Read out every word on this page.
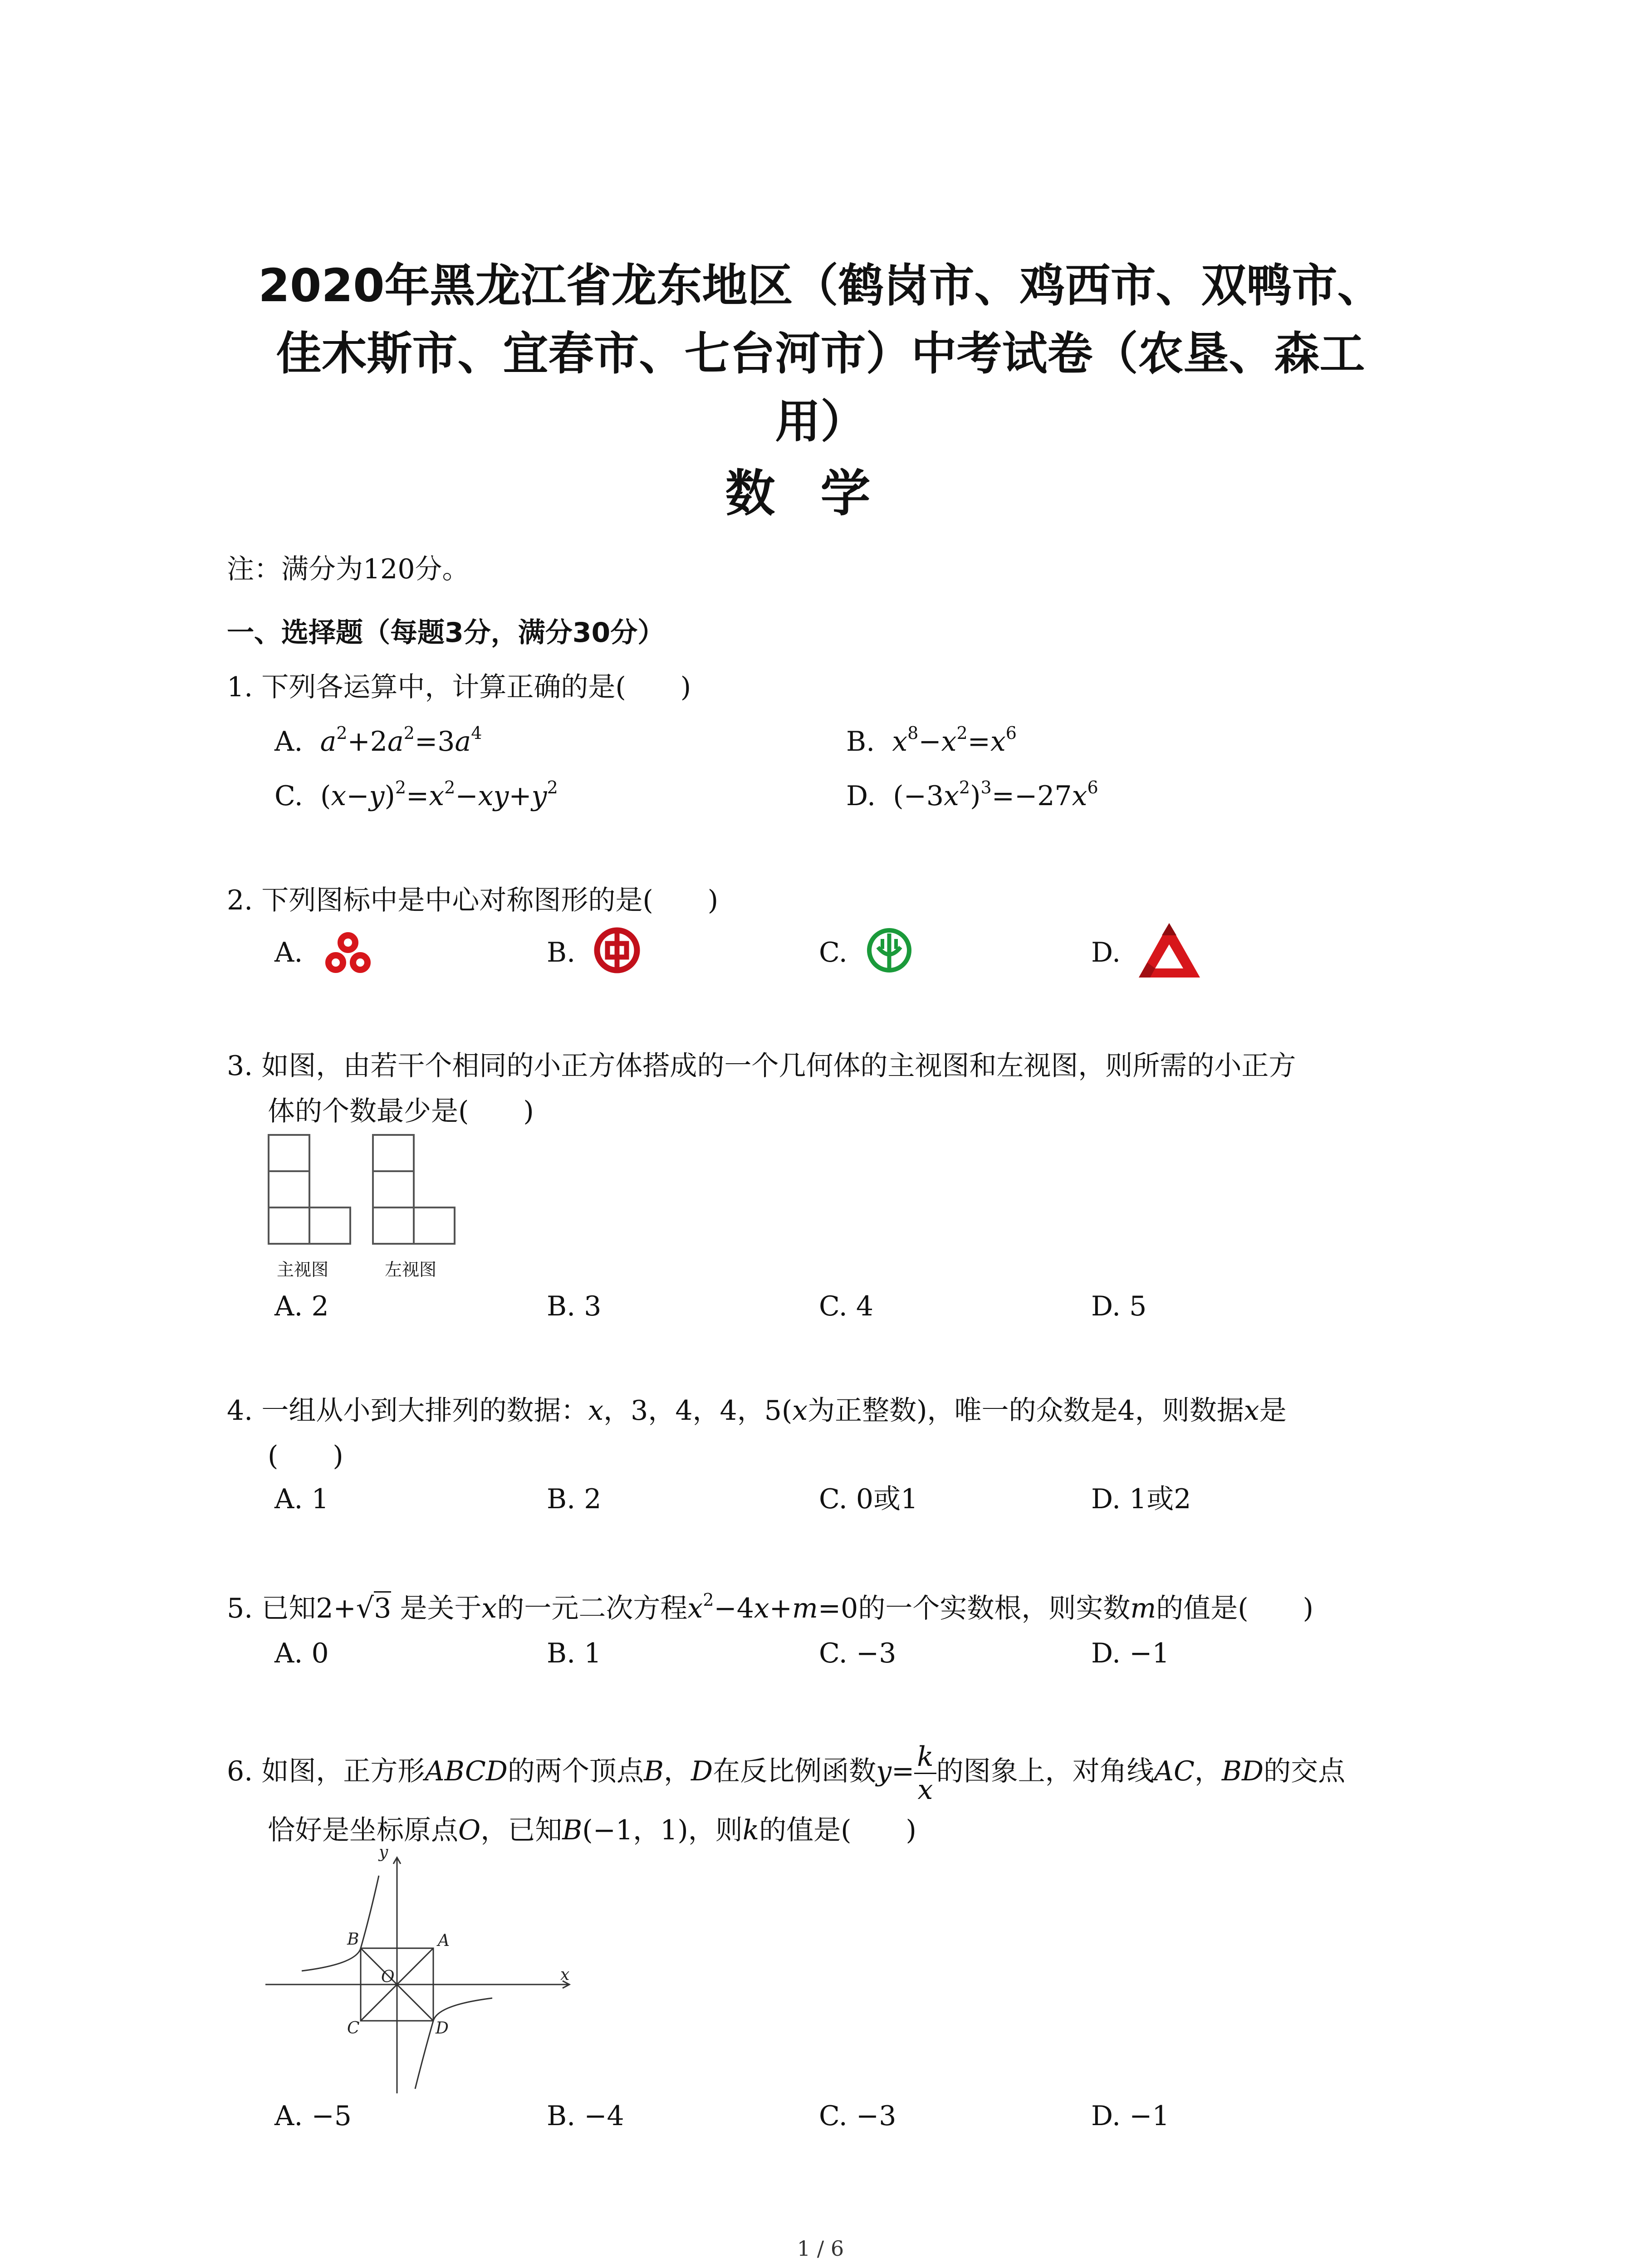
2020年黑龙江省龙东地区（鹤岗市、鸡西市、双鸭市、
佳木斯市、宜春市、七台河市）中考试卷（农垦、森工
用）
数学
注：满分为120分。
一、选择题（每题3分，满分30分）
1. 下列各运算中，计算正确的是(　　)
A. $a^2+2a^2=3a^4$	B. $x^8-x^2=x^6$
C.  $(x-y)^2=x^2-xy+y^2$	D.  $(-3x^2)^3=-27x^6$
2. 下列图标中是中心对称图形的是(　　)
A.	B.	C.	D.
3. 如图，由若干个相同的小正方体搭成的一个几何体的主视图和左视图，则所需的小正方
体的个数最少是(　　)
主视图	左视图
A. 2	B. 3	C. 4	D. 5
4. 一组从小到大排列的数据：x，3，4，4，5(x为正整数)，唯一的众数是4，则数据x是
(　　)
A. 1	B. 2	C. 0或1	D. 1或2
5. 已知2+√3 是关于x的一元二次方程$x^2-4x+m=0$的一个实数根，则实数m的值是(　　)
A. 0	B. 1	C. −3	D. −1
6. 如图，正方形ABCD的两个顶点B，D在反比例函数$y= \frac{k}{x}$ 的图象上，对角线AC，BD的交点
恰好是坐标原点O，已知B(−1，1)，则k的值是(　　)
y
x
O
A
B
C	D
A. −5	B. −4	C. −3	D. −1
1 / 6
